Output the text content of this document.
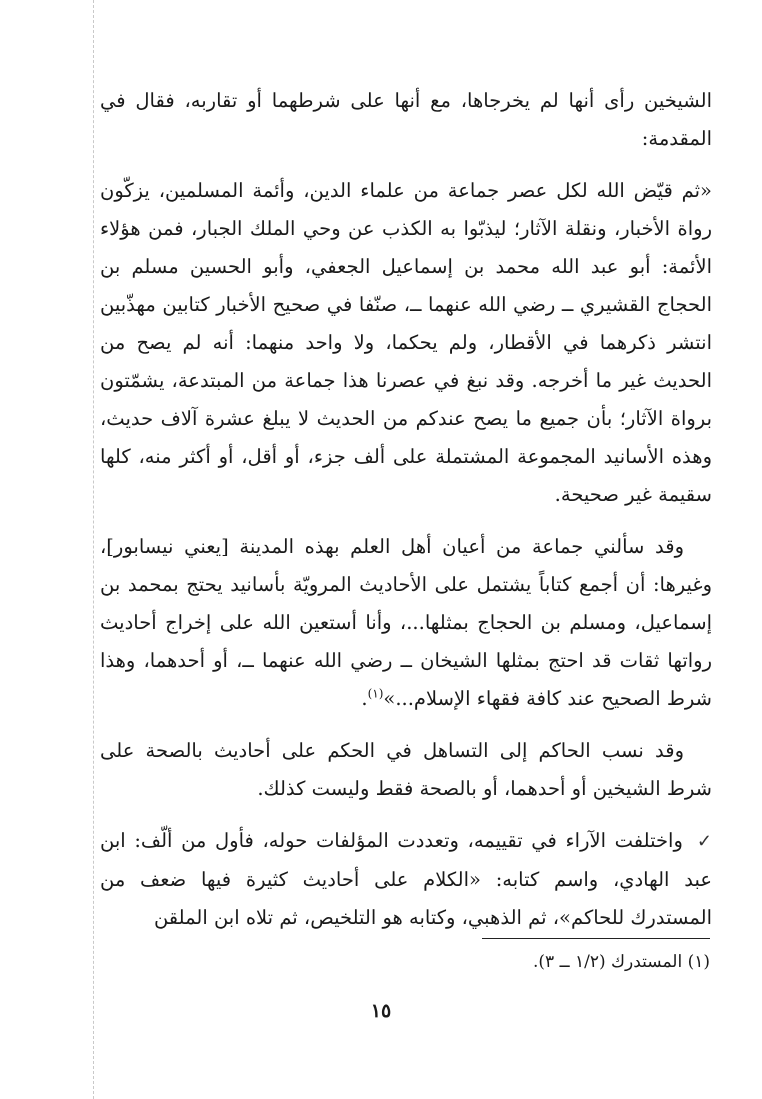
الشيخين رأى أنها لم يخرجاها، مع أنها على شرطهما أو تقاربه، فقال في المقدمة:

«ثم قيّض الله لكل عصر جماعة من علماء الدين، وأئمة المسلمين، يزكّون رواة الأخبار، ونقلة الآثار؛ ليذبّوا به الكذب عن وحي الملك الجبار، فمن هؤلاء الأئمة: أبو عبد الله محمد بن إسماعيل الجعفي، وأبو الحسين مسلم بن الحجاج القشيري ــ رضي الله عنهما ــ، صنّفا في صحيح الأخبار كتابين مهذّبين انتشر ذكرهما في الأقطار، ولم يحكما، ولا واحد منهما: أنه لم يصح من الحديث غير ما أخرجه. وقد نبغ في عصرنا هذا جماعة من المبتدعة، يشمّتون برواة الآثار؛ بأن جميع ما يصح عندكم من الحديث لا يبلغ عشرة آلاف حديث، وهذه الأسانيد المجموعة المشتملة على ألف جزء، أو أقل، أو أكثر منه، كلها سقيمة غير صحيحة.

وقد سألني جماعة من أعيان أهل العلم بهذه المدينة [يعني نيسابور]، وغيرها: أن أجمع كتاباً يشتمل على الأحاديث المرويّة بأسانيد يحتج بمحمد بن إسماعيل، ومسلم بن الحجاج بمثلها...، وأنا أستعين الله على إخراج أحاديث رواتها ثقات قد احتج بمثلها الشيخان ــ رضي الله عنهما ــ، أو أحدهما، وهذا شرط الصحيح عند كافة فقهاء الإسلام...»$^{(١)}$.

وقد نسب الحاكم إلى التساهل في الحكم على أحاديث بالصحة على شرط الشيخين أو أحدهما، أو بالصحة فقط وليست كذلك.

✓واختلفت الآراء في تقييمه، وتعددت المؤلفات حوله، فأول من ألّف: ابن عبد الهادي، واسم كتابه: «الكلام على أحاديث كثيرة فيها ضعف من المستدرك للحاكم»، ثم الذهبي، وكتابه هو التلخيص، ثم تلاه ابن الملقن

(١) المستدرك (١/٢ ــ ٣).
١٥
